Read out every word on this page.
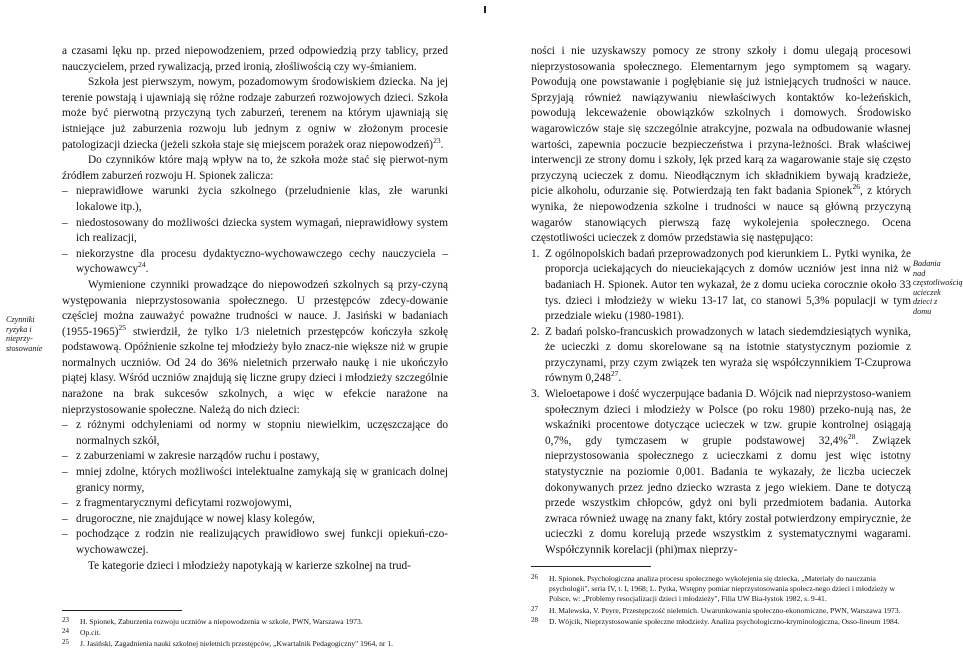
Czynniki ryzyka i nieprzy-stosowanie

a czasami lęku np. przed niepowodzeniem, przed odpowiedzią przy tablicy, przed nauczycielem, przed rywalizacją, przed ironią, złośliwością czy wy-śmianiem.

Szkoła jest pierwszym, nowym, pozadomowym środowiskiem dziecka. Na jej terenie powstają i ujawniają się różne rodzaje zaburzeń rozwojowych dzieci. Szkoła może być pierwotną przyczyną tych zaburzeń, terenem na którym ujawniają się istniejące już zaburzenia rozwoju lub jednym z ogniw w złożonym procesie patologizacji dziecka (jeżeli szkoła staje się miejscem porażek oraz niepowodzeń)$^{23}$.

Do czynników które mają wpływ na to, że szkoła może stać się pierwot-nym źródłem zaburzeń rozwoju H. Spionek zalicza:

– nieprawidłowe warunki życia szkolnego (przeludnienie klas, złe warunki lokalowe itp.),
– niedostosowany do możliwości dziecka system wymagań, nieprawidłowy system ich realizacji,
– niekorzystne dla procesu dydaktyczno-wychowawczego cechy nauczyciela – wychowawcy$^{24}$.

Wymienione czynniki prowadzące do niepowodzeń szkolnych są przy-czyną występowania nieprzystosowania społecznego. U przestępców zdecy-dowanie częściej można zauważyć poważne trudności w nauce. J. Jasiński w badaniach (1955-1965)$^{25}$ stwierdził, że tylko 1/3 nieletnich przestępców kończyła szkołę podstawową. Opóźnienie szkolne tej młodzieży było znacz-nie większe niż w grupie normalnych uczniów. Od 24 do 36% nieletnich przerwało naukę i nie ukończyło piątej klasy. Wśród uczniów znajdują się liczne grupy dzieci i młodzieży szczególnie narażone na brak sukcesów szkolnych, a więc w efekcie narażone na nieprzystosowanie społeczne. Należą do nich dzieci:

– z różnymi odchyleniami od normy w stopniu niewielkim, uczęszczające do normalnych szkół,
– z zaburzeniami w zakresie narządów ruchu i postawy,
– mniej zdolne, których możliwości intelektualne zamykają się w granicach dolnej granicy normy,
– z fragmentarycznymi deficytami rozwojowymi,
– drugoroczne, nie znajdujące w nowej klasy kolegów,
– pochodzące z rodzin nie realizujących prawidłowo swej funkcji opiekuń-czo-wychowawczej.

Te kategorie dzieci i młodzieży napotykają w karierze szkolnej na trud-

23 H. Spionek, Zaburzenia rozwoju uczniów a niepowodzenia w szkole, PWN, Warszawa 1973.
24 Op.cit.
25 J. Jasiński, Zagadnienia nauki szkolnej nieletnich przestępców, „Kwartalnik Pedagogiczny" 1964, nr 1.
Badania nad częstotliwością ucieczek dzieci z domu

ności i nie uzyskawszy pomocy ze strony szkoły i domu ulegają procesowi nieprzystosowania społecznego. Elementarnym jego symptomem są wagary. Powodują one powstawanie i pogłębianie się już istniejących trudności w nauce. Sprzyjają również nawiązywaniu niewłaściwych kontaktów ko-leżeńskich, powodują lekceważenie obowiązków szkolnych i domowych. Środowisko wagarowiczów staje się szczególnie atrakcyjne, pozwala na odbudowanie własnej wartości, zapewnia poczucie bezpieczeństwa i przyna-leżności. Brak właściwej interwencji ze strony domu i szkoły, lęk przed karą za wagarowanie staje się często przyczyną ucieczek z domu. Nieodłącznym ich składnikiem bywają kradzieże, picie alkoholu, odurzanie się. Potwierdzają ten fakt badania Spionek$^{26}$, z których wynika, że niepowodzenia szkolne i trudności w nauce są główną przyczyną wagarów stanowiących pierwszą fazę wykolejenia społecznego. Ocena częstotliwości ucieczek z domów przedstawia się następująco:

1. Z ogólnopolskich badań przeprowadzonych pod kierunkiem L. Pytki wynika, że proporcja uciekających do nieuciekających z domów uczniów jest inna niż w badaniach H. Spionek. Autor ten wykazał, że z domu ucieka corocznie około 33 tys. dzieci i młodzieży w wieku 13-17 lat, co stanowi 5,3% populacji w tym przedziale wieku (1980-1981).
2. Z badań polsko-francuskich prowadzonych w latach siedemdziesiątych wynika, że ucieczki z domu skorelowane są na istotnie statystycznym poziomie z przyczynami, przy czym związek ten wyraża się współczynnikiem T-Czuprowa równym 0,248$^{27}$.
3. Wieloetapowe i dość wyczerpujące badania D. Wójcik nad nieprzystoso-waniem społecznym dzieci i młodzieży w Polsce (po roku 1980) przeko-nują nas, że wskaźniki procentowe dotyczące ucieczek w tzw. grupie kontrolnej osiągają 0,7%, gdy tymczasem w grupie podstawowej 32,4%$^{28}$. Związek nieprzystosowania społecznego z ucieczkami z domu jest więc istotny statystycznie na poziomie 0,001. Badania te wykazały, że liczba ucieczek dokonywanych przez jedno dziecko wzrasta z jego wiekiem. Dane te dotyczą przede wszystkim chłopców, gdyż oni byli przedmiotem badania. Autorka zwraca również uwagę na znany fakt, który został potwierdzony empirycznie, że ucieczki z domu korelują przede wszystkim z systematycznymi wagarami. Współczynnik korelacji (phi)max nieprzy-
26 H. Spionek, Psychologiczna analiza procesu społecznego wykolejenia się dziecka, „Materiały do nauczania psychologii", seria IV, t. I, 1968; L. Pytka, Wstępny pomiar nieprzystosowania społecz-nego dzieci i młodzieży w Polsce, w: „Problemy resocjalizacji dzieci i młodzieży", Filia UW Bia-łystok 1982, s. 9-41.
27 H. Malewska, V. Peyre, Przestępczość nieletnich. Uwarunkowania społeczno-ekonomiczne, PWN, Warszawa 1973.
28 D. Wójcik, Nieprzystosowanie społeczne młodzieży. Analiza psychologiczno-kryminologiczna, Osso-lineum 1984.
